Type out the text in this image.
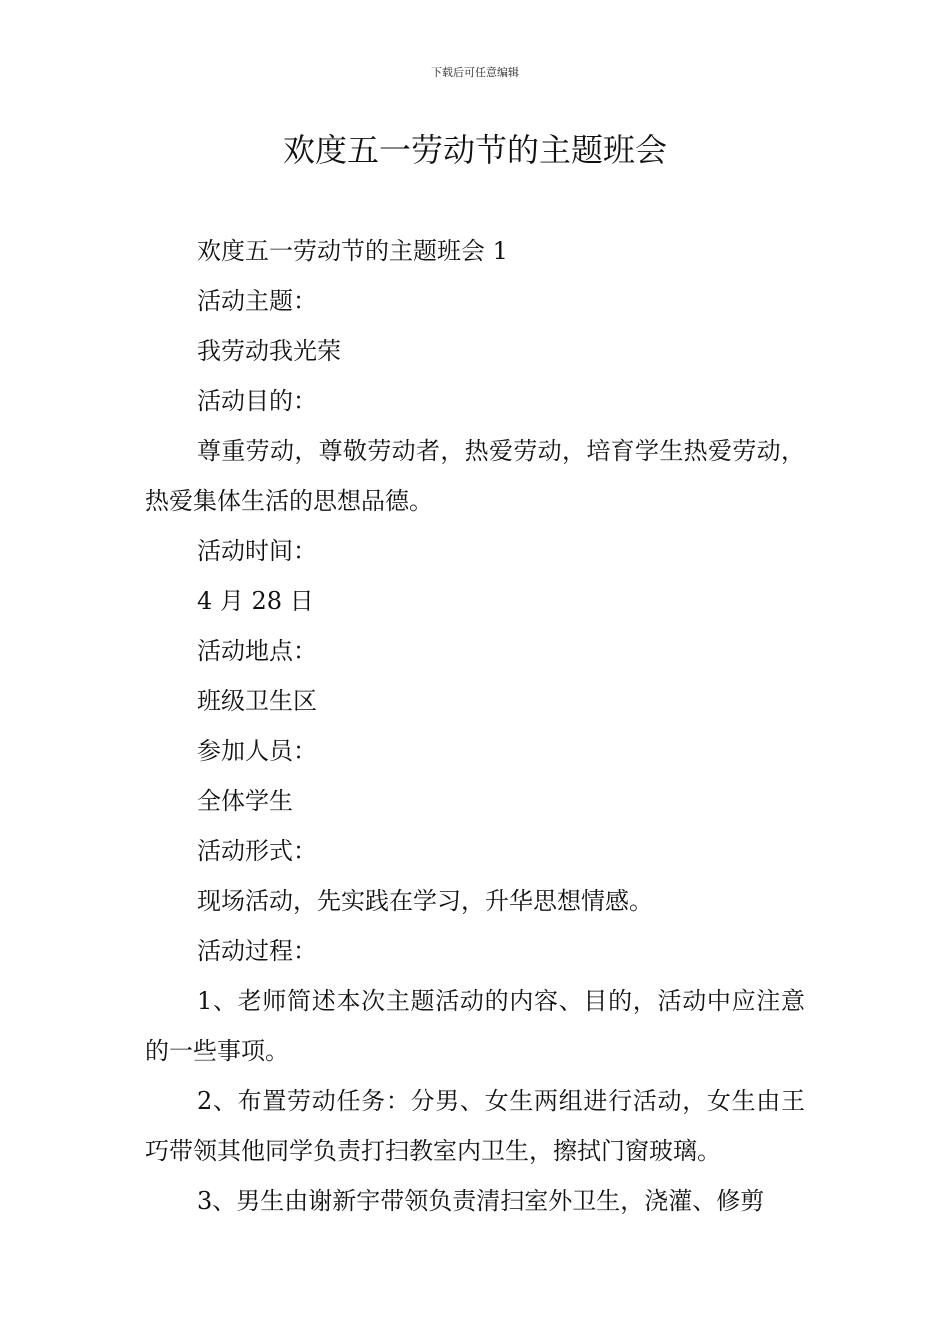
下载后可任意编辑
欢度五一劳动节的主题班会

欢度五一劳动节的主题班会 1

活动主题：

我劳动我光荣

活动目的：

尊重劳动，尊敬劳动者，热爱劳动，培育学生热爱劳动，热爱集体生活的思想品德。

活动时间：

4 月 28 日

活动地点：

班级卫生区

参加人员：

全体学生

活动形式：

现场活动，先实践在学习，升华思想情感。

活动过程：

1、老师简述本次主题活动的内容、目的，活动中应注意的一些事项。

2、布置劳动任务：分男、女生两组进行活动，女生由王巧带领其他同学负责打扫教室内卫生，擦拭门窗玻璃。

3、男生由谢新宇带领负责清扫室外卫生，浇灌、修剪
